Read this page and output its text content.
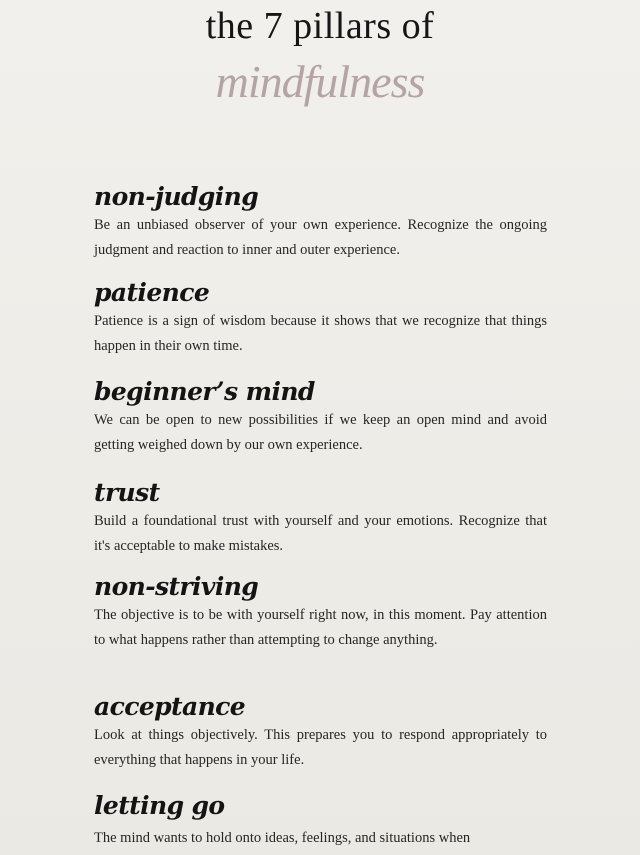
the 7 pillars of
mindfulness
non-judging

Be an unbiased observer of your own experience. Recognize the ongoing judgment and reaction to inner and outer experience.

patience

Patience is a sign of wisdom because it shows that we recognize that things happen in their own time.

beginner’s mind

We can be open to new possibilities if we keep an open mind and avoid getting weighed down by our own experience.

trust

Build a foundational trust with yourself and your emotions. Recognize that it's acceptable to make mistakes.

non-striving

The objective is to be with yourself right now, in this moment. Pay attention to what happens rather than attempting to change anything.

acceptance

Look at things objectively. This prepares you to respond appropriately to everything that happens in your life.

letting go

The mind wants to hold onto ideas, feelings, and situations when
